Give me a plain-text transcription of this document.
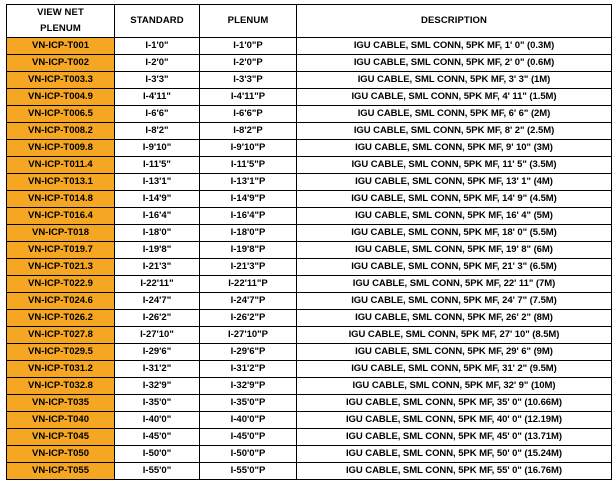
VIEW NET
PLENUM	STANDARD	PLENUM	DESCRIPTION
VN-ICP-T001	I-1'0"	I-1'0"P	IGU CABLE, SML CONN, 5PK MF, 1' 0" (0.3M)
VN-ICP-T002	I-2'0"	I-2'0"P	IGU CABLE, SML CONN, 5PK MF, 2' 0" (0.6M)
VN-ICP-T003.3	I-3'3"	I-3'3"P	IGU CABLE, SML CONN, 5PK MF, 3' 3" (1M)
VN-ICP-T004.9	I-4'11"	I-4'11"P	IGU CABLE, SML CONN, 5PK MF, 4' 11" (1.5M)
VN-ICP-T006.5	I-6'6"	I-6'6"P	IGU CABLE, SML CONN, 5PK MF, 6' 6" (2M)
VN-ICP-T008.2	I-8'2"	I-8'2"P	IGU CABLE, SML CONN, 5PK MF, 8' 2" (2.5M)
VN-ICP-T009.8	I-9'10"	I-9'10"P	IGU CABLE, SML CONN, 5PK MF, 9' 10" (3M)
VN-ICP-T011.4	I-11'5"	I-11'5"P	IGU CABLE, SML CONN, 5PK MF, 11' 5" (3.5M)
VN-ICP-T013.1	I-13'1"	I-13'1"P	IGU CABLE, SML CONN, 5PK MF, 13' 1" (4M)
VN-ICP-T014.8	I-14'9"	I-14'9"P	IGU CABLE, SML CONN, 5PK MF, 14' 9" (4.5M)
VN-ICP-T016.4	I-16'4"	I-16'4"P	IGU CABLE, SML CONN, 5PK MF, 16' 4" (5M)
VN-ICP-T018	I-18'0"	I-18'0"P	IGU CABLE, SML CONN, 5PK MF, 18' 0" (5.5M)
VN-ICP-T019.7	I-19'8"	I-19'8"P	IGU CABLE, SML CONN, 5PK MF, 19' 8" (6M)
VN-ICP-T021.3	I-21'3"	I-21'3"P	IGU CABLE, SML CONN, 5PK MF, 21' 3" (6.5M)
VN-ICP-T022.9	I-22'11"	I-22'11"P	IGU CABLE, SML CONN, 5PK MF, 22' 11" (7M)
VN-ICP-T024.6	I-24'7"	I-24'7"P	IGU CABLE, SML CONN, 5PK MF, 24' 7" (7.5M)
VN-ICP-T026.2	I-26'2"	I-26'2"P	IGU CABLE, SML CONN, 5PK MF, 26' 2" (8M)
VN-ICP-T027.8	I-27'10"	I-27'10"P	IGU CABLE, SML CONN, 5PK MF, 27' 10" (8.5M)
VN-ICP-T029.5	I-29'6"	I-29'6"P	IGU CABLE, SML CONN, 5PK MF, 29' 6" (9M)
VN-ICP-T031.2	I-31'2"	I-31'2"P	IGU CABLE, SML CONN, 5PK MF, 31' 2" (9.5M)
VN-ICP-T032.8	I-32'9"	I-32'9"P	IGU CABLE, SML CONN, 5PK MF, 32' 9" (10M)
VN-ICP-T035	I-35'0"	I-35'0"P	IGU CABLE, SML CONN, 5PK MF, 35' 0" (10.66M)
VN-ICP-T040	I-40'0"	I-40'0"P	IGU CABLE, SML CONN, 5PK MF, 40' 0" (12.19M)
VN-ICP-T045	I-45'0"	I-45'0"P	IGU CABLE, SML CONN, 5PK MF, 45' 0" (13.71M)
VN-ICP-T050	I-50'0"	I-50'0"P	IGU CABLE, SML CONN, 5PK MF, 50' 0" (15.24M)
VN-ICP-T055	I-55'0"	I-55'0"P	IGU CABLE, SML CONN, 5PK MF, 55' 0" (16.76M)
